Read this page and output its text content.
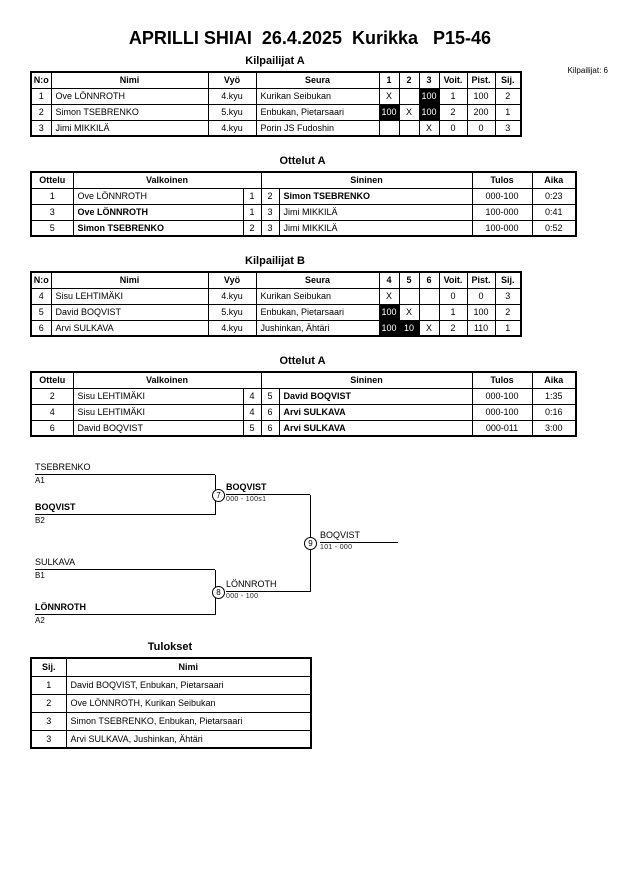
APRILLI SHIAI  26.4.2025  Kurikka   P15-46
Kilpailijat: 6
Kilpailijat A
N:o	Nimi	Vyö	Seura	1	2	3	Voit.	Pist.	Sij.
1	Ove LÖNNROTH	4.kyu	Kurikan Seibukan	X		100	1	100	2
2	Simon TSEBRENKO	5.kyu	Enbukan, Pietarsaari	100	X	100	2	200	1
3	Jimi MIKKILÄ	4.kyu	Porin JS Fudoshin			X	0	0	3
Ottelut A
Ottelu	Valkoinen		Sininen		Tulos	Aika
1	Ove LÖNNROTH	1	2	Simon TSEBRENKO	000-100	0:23
3	Ove LÖNNROTH	1	3	Jimi MIKKILÄ	100-000	0:41
5	Simon TSEBRENKO	2	3	Jimi MIKKILÄ	100-000	0:52
Kilpailijat B
N:o	Nimi	Vyö	Seura	4	5	6	Voit.	Pist.	Sij.
4	Sisu LEHTIMÄKI	4.kyu	Kurikan Seibukan	X			0	0	3
5	David BOQVIST	5.kyu	Enbukan, Pietarsaari	100	X		1	100	2
6	Arvi SULKAVA	4.kyu	Jushinkan, Ähtäri	100	10	X	2	110	1
Ottelut A
Ottelu	Valkoinen		Sininen		Tulos	Aika
2	Sisu LEHTIMÄKI	4	5	David BOQVIST	000-100	1:35
4	Sisu LEHTIMÄKI	4	6	Arvi SULKAVA	000-100	0:16
6	David BOQVIST	5	6	Arvi SULKAVA	000-011	3:00
TSEBRENKO
A1
BOQVIST
B2
7
BOQVIST
000 - 100s1
SULKAVA
B1
LÖNNROTH
A2
8
LÖNNROTH
000 - 100
9
BOQVIST
101 - 000
Tulokset
Sij.	Nimi
1	David BOQVIST, Enbukan, Pietarsaari
2	Ove LÖNNROTH, Kurikan Seibukan
3	Simon TSEBRENKO, Enbukan, Pietarsaari
3	Arvi SULKAVA, Jushinkan, Ähtäri
